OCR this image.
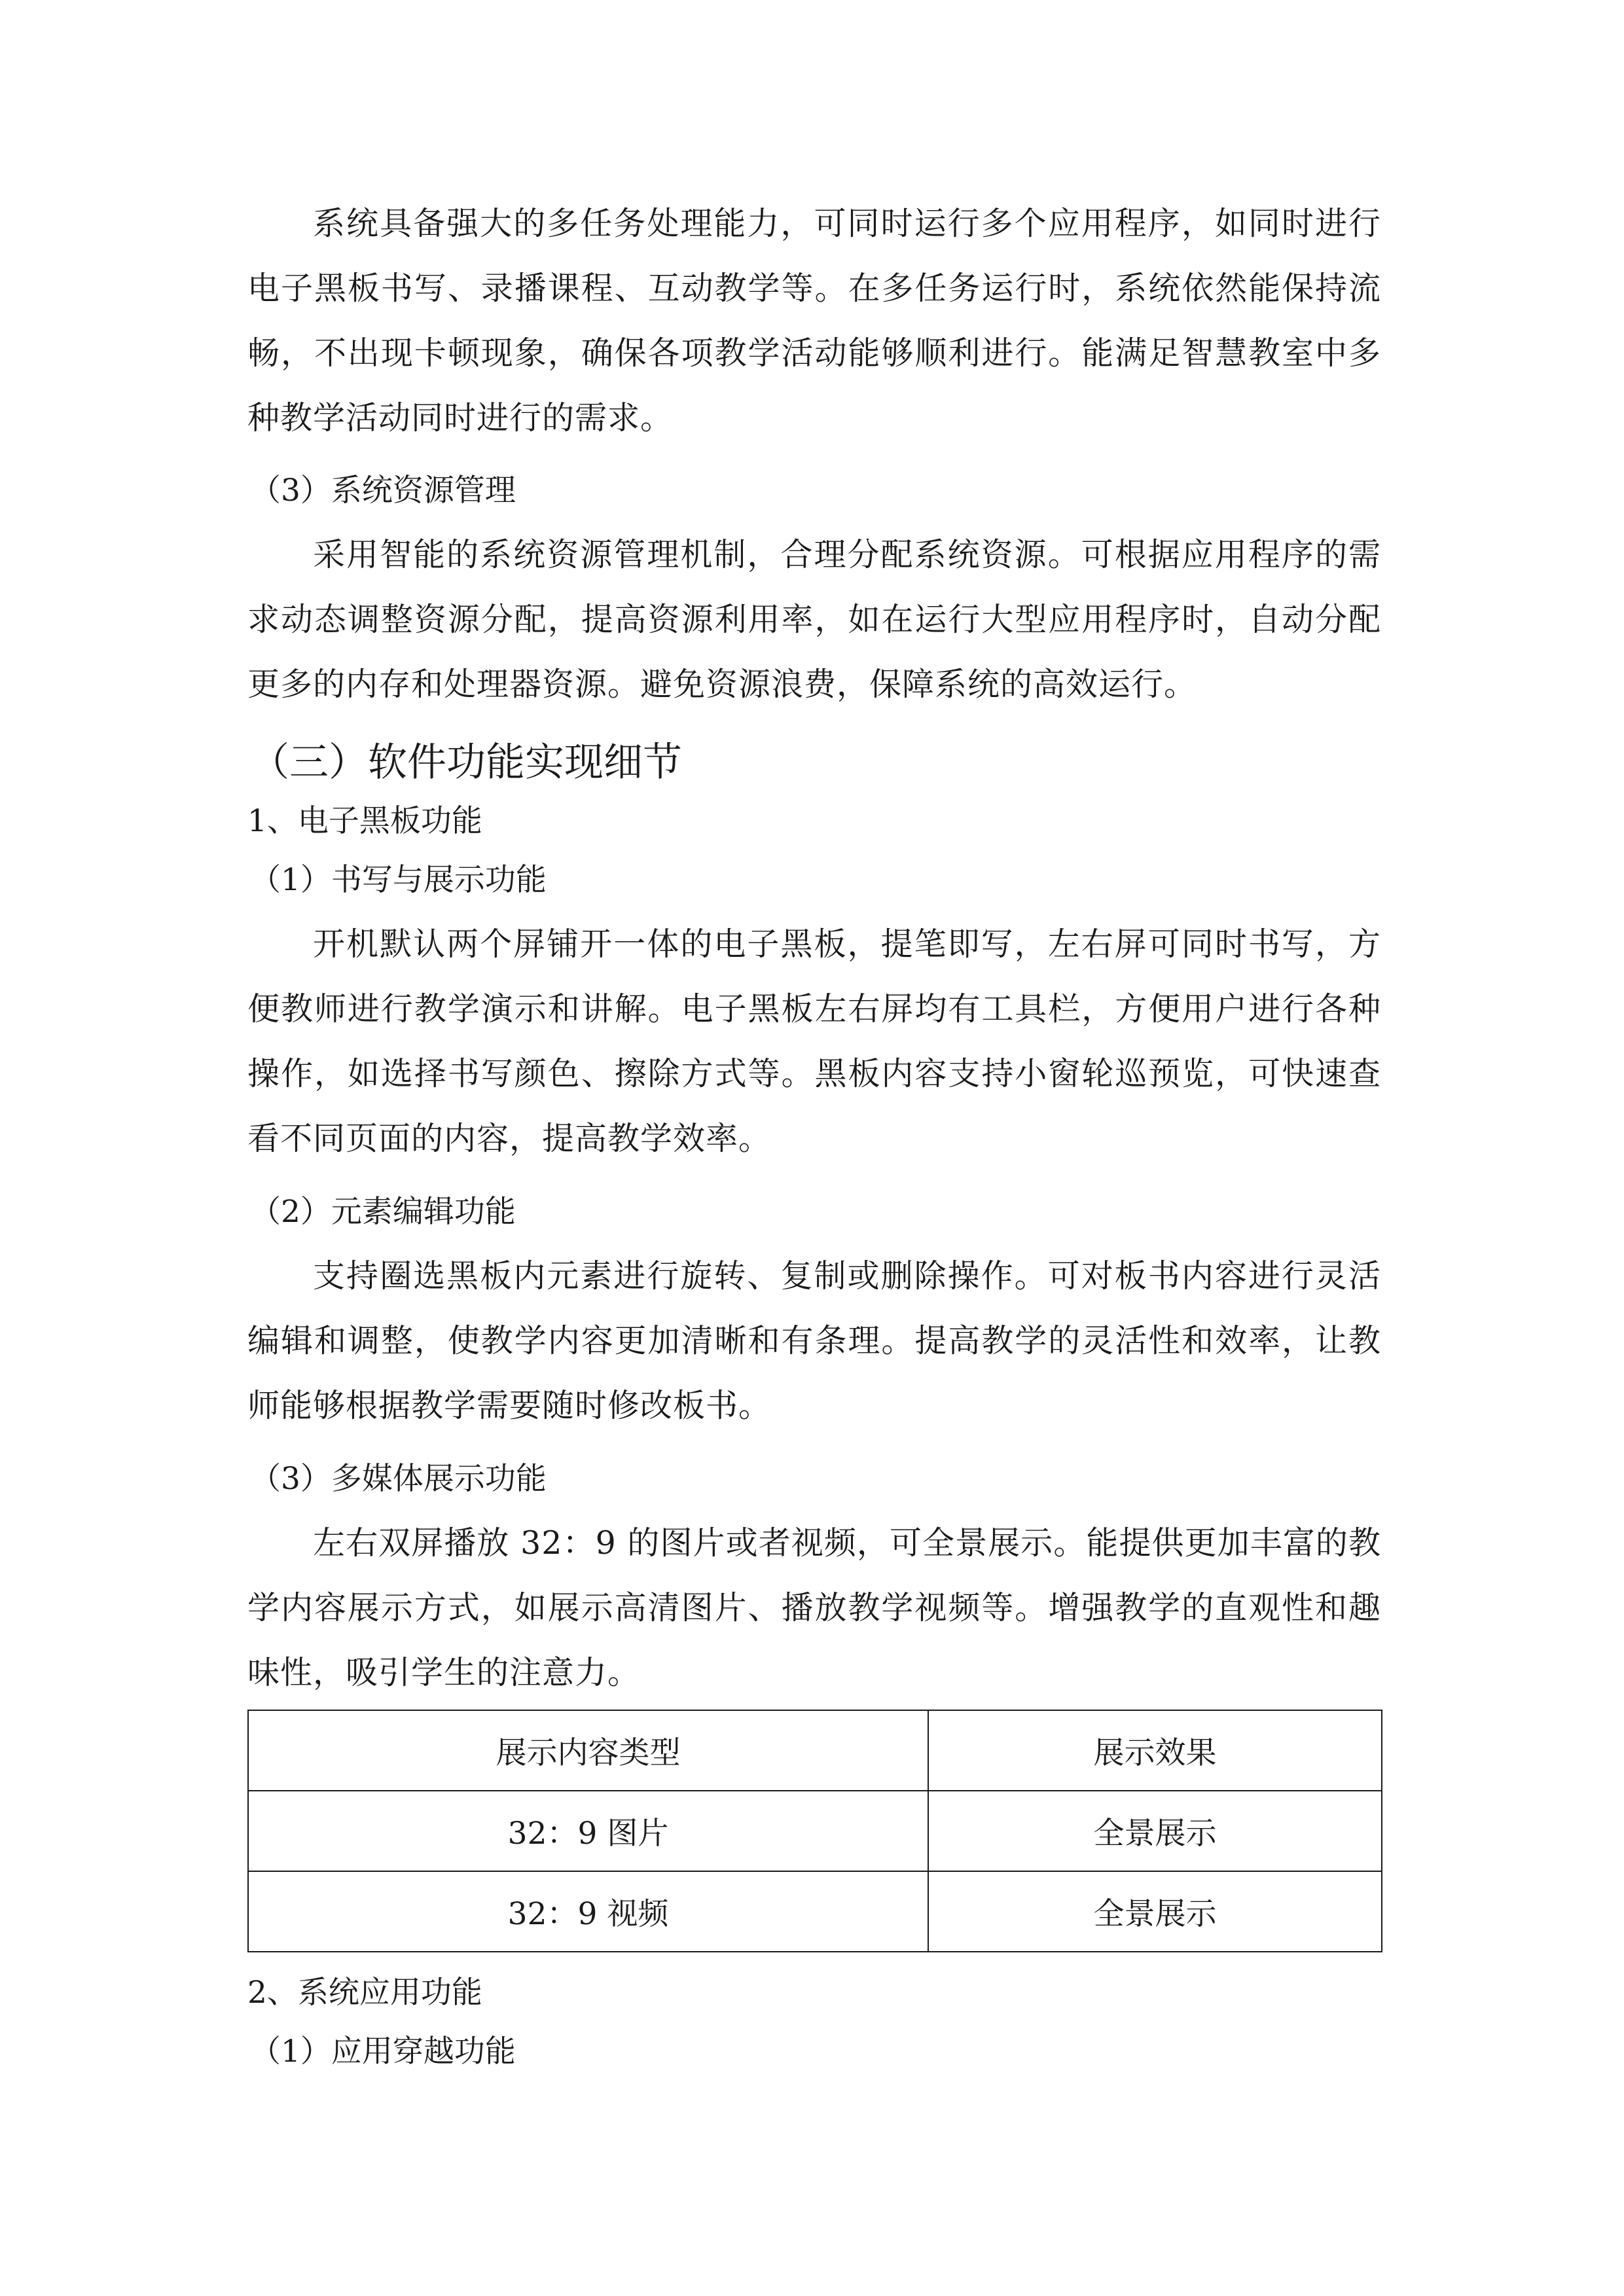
系统具备强大的多任务处理能力，可同时运行多个应用程序，如同时进行电子黑板书写、录播课程、互动教学等。在多任务运行时，系统依然能保持流畅，不出现卡顿现象，确保各项教学活动能够顺利进行。能满足智慧教室中多种教学活动同时进行的需求。

（3）系统资源管理

采用智能的系统资源管理机制，合理分配系统资源。可根据应用程序的需求动态调整资源分配，提高资源利用率，如在运行大型应用程序时，自动分配更多的内存和处理器资源。避免资源浪费，保障系统的高效运行。

（三）软件功能实现细节

1、电子黑板功能

（1）书写与展示功能

开机默认两个屏铺开一体的电子黑板，提笔即写，左右屏可同时书写，方便教师进行教学演示和讲解。电子黑板左右屏均有工具栏，方便用户进行各种操作，如选择书写颜色、擦除方式等。黑板内容支持小窗轮巡预览，可快速查看不同页面的内容，提高教学效率。

（2）元素编辑功能

支持圈选黑板内元素进行旋转、复制或删除操作。可对板书内容进行灵活编辑和调整，使教学内容更加清晰和有条理。提高教学的灵活性和效率，让教师能够根据教学需要随时修改板书。

（3）多媒体展示功能

左右双屏播放 32：9 的图片或者视频，可全景展示。能提供更加丰富的教学内容展示方式，如展示高清图片、播放教学视频等。增强教学的直观性和趣味性，吸引学生的注意力。

展示内容类型	展示效果
32：9 图片	全景展示
32：9 视频	全景展示

2、系统应用功能

（1）应用穿越功能
